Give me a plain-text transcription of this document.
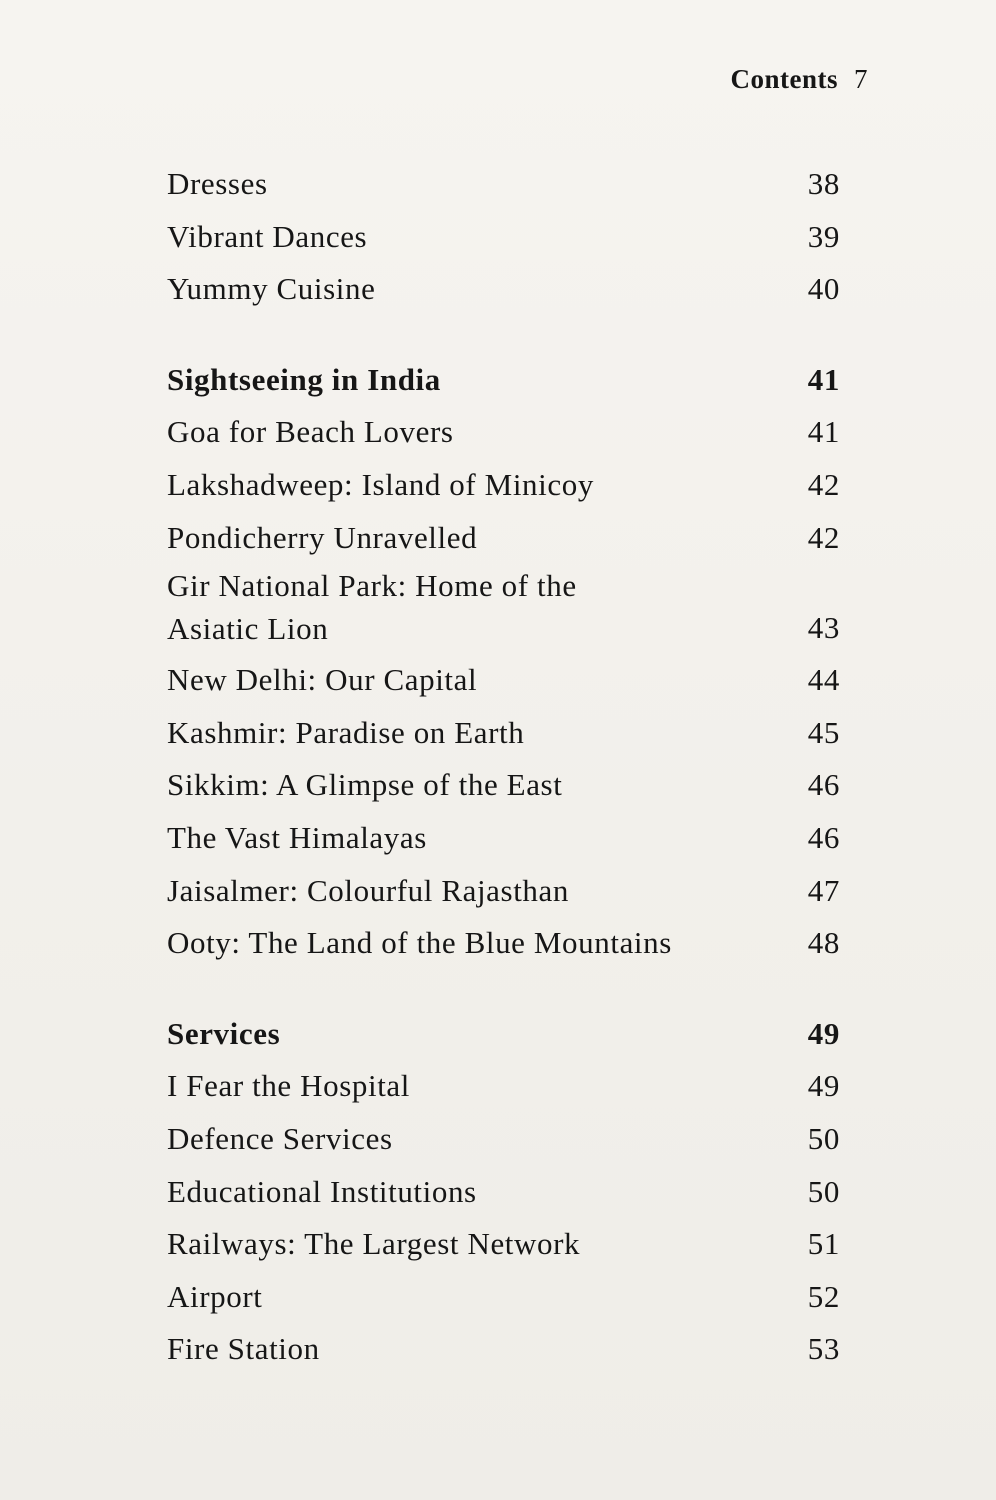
Contents 7
Dresses	38
Vibrant Dances	39
Yummy Cuisine	40
Sightseeing in India	41
Goa for Beach Lovers	41
Lakshadweep: Island of Minicoy	42
Pondicherry Unravelled	42
Gir National Park: Home of the
Asiatic Lion	43
New Delhi: Our Capital	44
Kashmir: Paradise on Earth	45
Sikkim: A Glimpse of the East	46
The Vast Himalayas	46
Jaisalmer: Colourful Rajasthan	47
Ooty: The Land of the Blue Mountains	48
Services	49
I Fear the Hospital	49
Defence Services	50
Educational Institutions	50
Railways: The Largest Network	51
Airport	52
Fire Station	53
